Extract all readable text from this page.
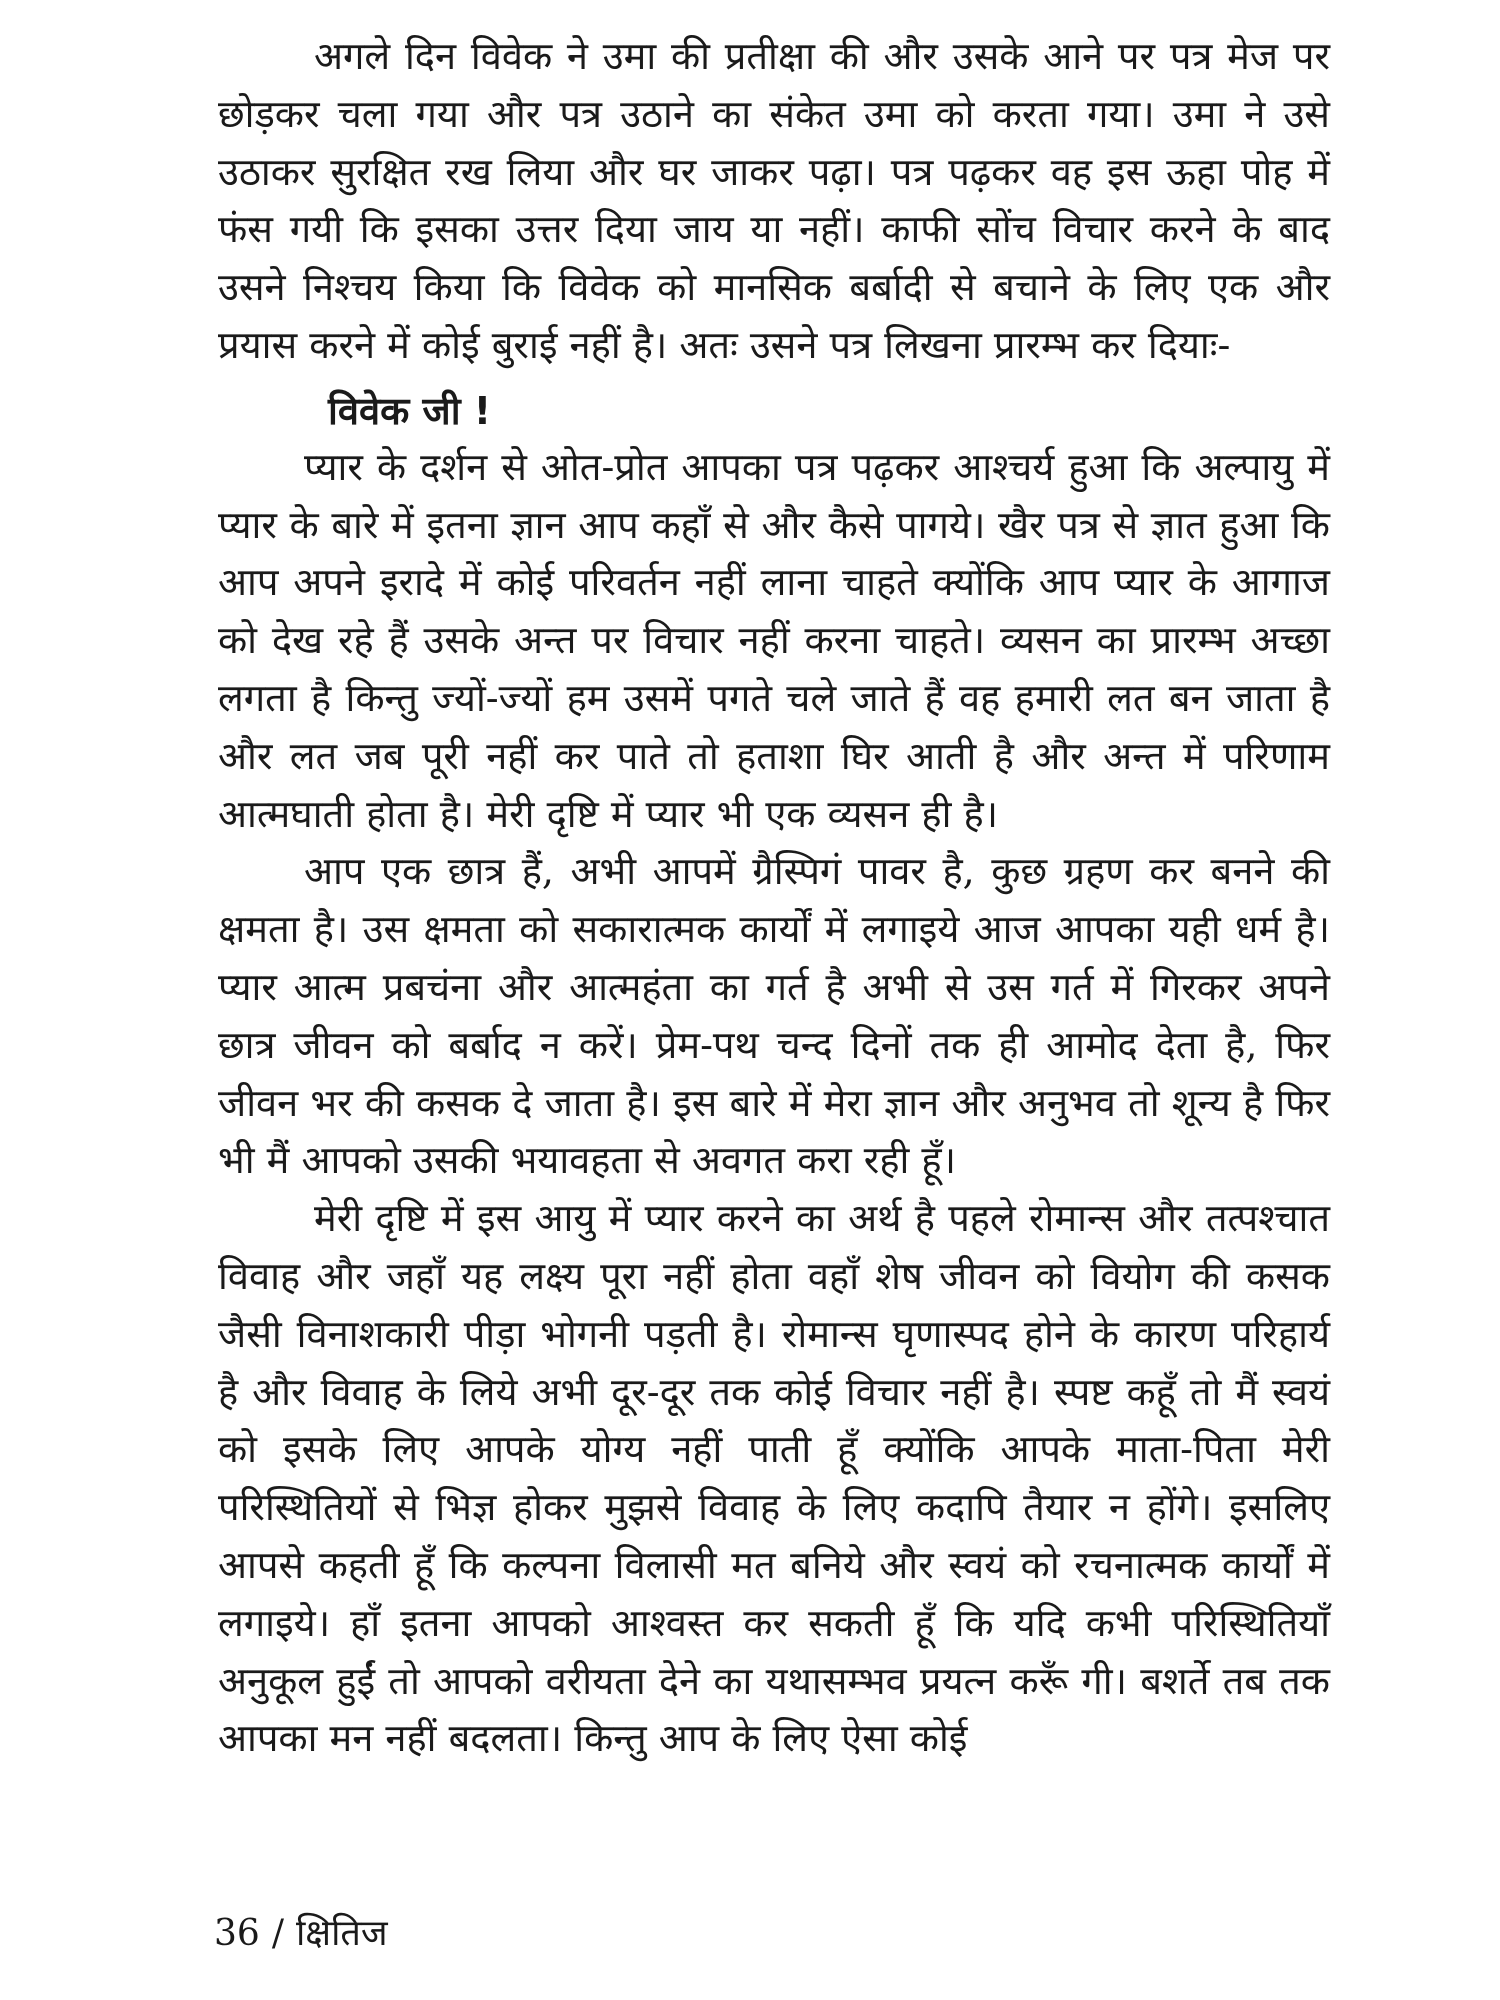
अगले दिन विवेक ने उमा की प्रतीक्षा की और उसके आने पर पत्र मेज पर छोड़कर चला गया और पत्र उठाने का संकेत उमा को करता गया। उमा ने उसे उठाकर सुरक्षित रख लिया और घर जाकर पढ़ा। पत्र पढ़कर वह इस ऊहा पोह में फंस गयी कि इसका उत्तर दिया जाय या नहीं। काफी सोंच विचार करने के बाद उसने निश्चय किया कि विवेक को मानसिक बर्बादी से बचाने के लिए एक और प्रयास करने में कोई बुराई नहीं है। अतः उसने पत्र लिखना प्रारम्भ कर दियाः-

विवेक जी !

प्यार के दर्शन से ओत-प्रोत आपका पत्र पढ़कर आश्चर्य हुआ कि अल्पायु में प्यार के बारे में इतना ज्ञान आप कहाँ से और कैसे पागये। खैर पत्र से ज्ञात हुआ कि आप अपने इरादे में कोई परिवर्तन नहीं लाना चाहते क्योंकि आप प्यार के आगाज को देख रहे हैं उसके अन्त पर विचार नहीं करना चाहते। व्यसन का प्रारम्भ अच्छा लगता है किन्तु ज्यों-ज्यों हम उसमें पगते चले जाते हैं वह हमारी लत बन जाता है और लत जब पूरी नहीं कर पाते तो हताशा घिर आती है और अन्त में परिणाम आत्मघाती होता है। मेरी दृष्टि में प्यार भी एक व्यसन ही है।

आप एक छात्र हैं, अभी आपमें ग्रैस्पिगं पावर है, कुछ ग्रहण कर बनने की क्षमता है। उस क्षमता को सकारात्मक कार्यों में लगाइये आज आपका यही धर्म है। प्यार आत्म प्रबचंना और आत्महंता का गर्त है अभी से उस गर्त में गिरकर अपने छात्र जीवन को बर्बाद न करें। प्रेम-पथ चन्द दिनों तक ही आमोद देता है, फिर जीवन भर की कसक दे जाता है। इस बारे में मेरा ज्ञान और अनुभव तो शून्य है फिर भी मैं आपको उसकी भयावहता से अवगत करा रही हूँ।

मेरी दृष्टि में इस आयु में प्यार करने का अर्थ है पहले रोमान्स और तत्पश्चात विवाह और जहाँ यह लक्ष्य पूरा नहीं होता वहाँ शेष जीवन को वियोग की कसक जैसी विनाशकारी पीड़ा भोगनी पड़ती है। रोमान्स घृणास्पद होने के कारण परिहार्य है और विवाह के लिये अभी दूर-दूर तक कोई विचार नहीं है। स्पष्ट कहूँ तो मैं स्वयं को इसके लिए आपके योग्य नहीं पाती हूँ क्योंकि आपके माता-पिता मेरी परिस्थितियों से भिज्ञ होकर मुझसे विवाह के लिए कदापि तैयार न होंगे। इसलिए आपसे कहती हूँ कि कल्पना विलासी मत बनिये और स्वयं को रचनात्मक कार्यों में लगाइये। हाँ इतना आपको आश्वस्त कर सकती हूँ कि यदि कभी परिस्थितियाँ अनुकूल हुईं तो आपको वरीयता देने का यथासम्भव प्रयत्न करूँ गी। बशर्ते तब तक आपका मन नहीं बदलता। किन्तु आप के लिए ऐसा कोई

36 / क्षितिज
